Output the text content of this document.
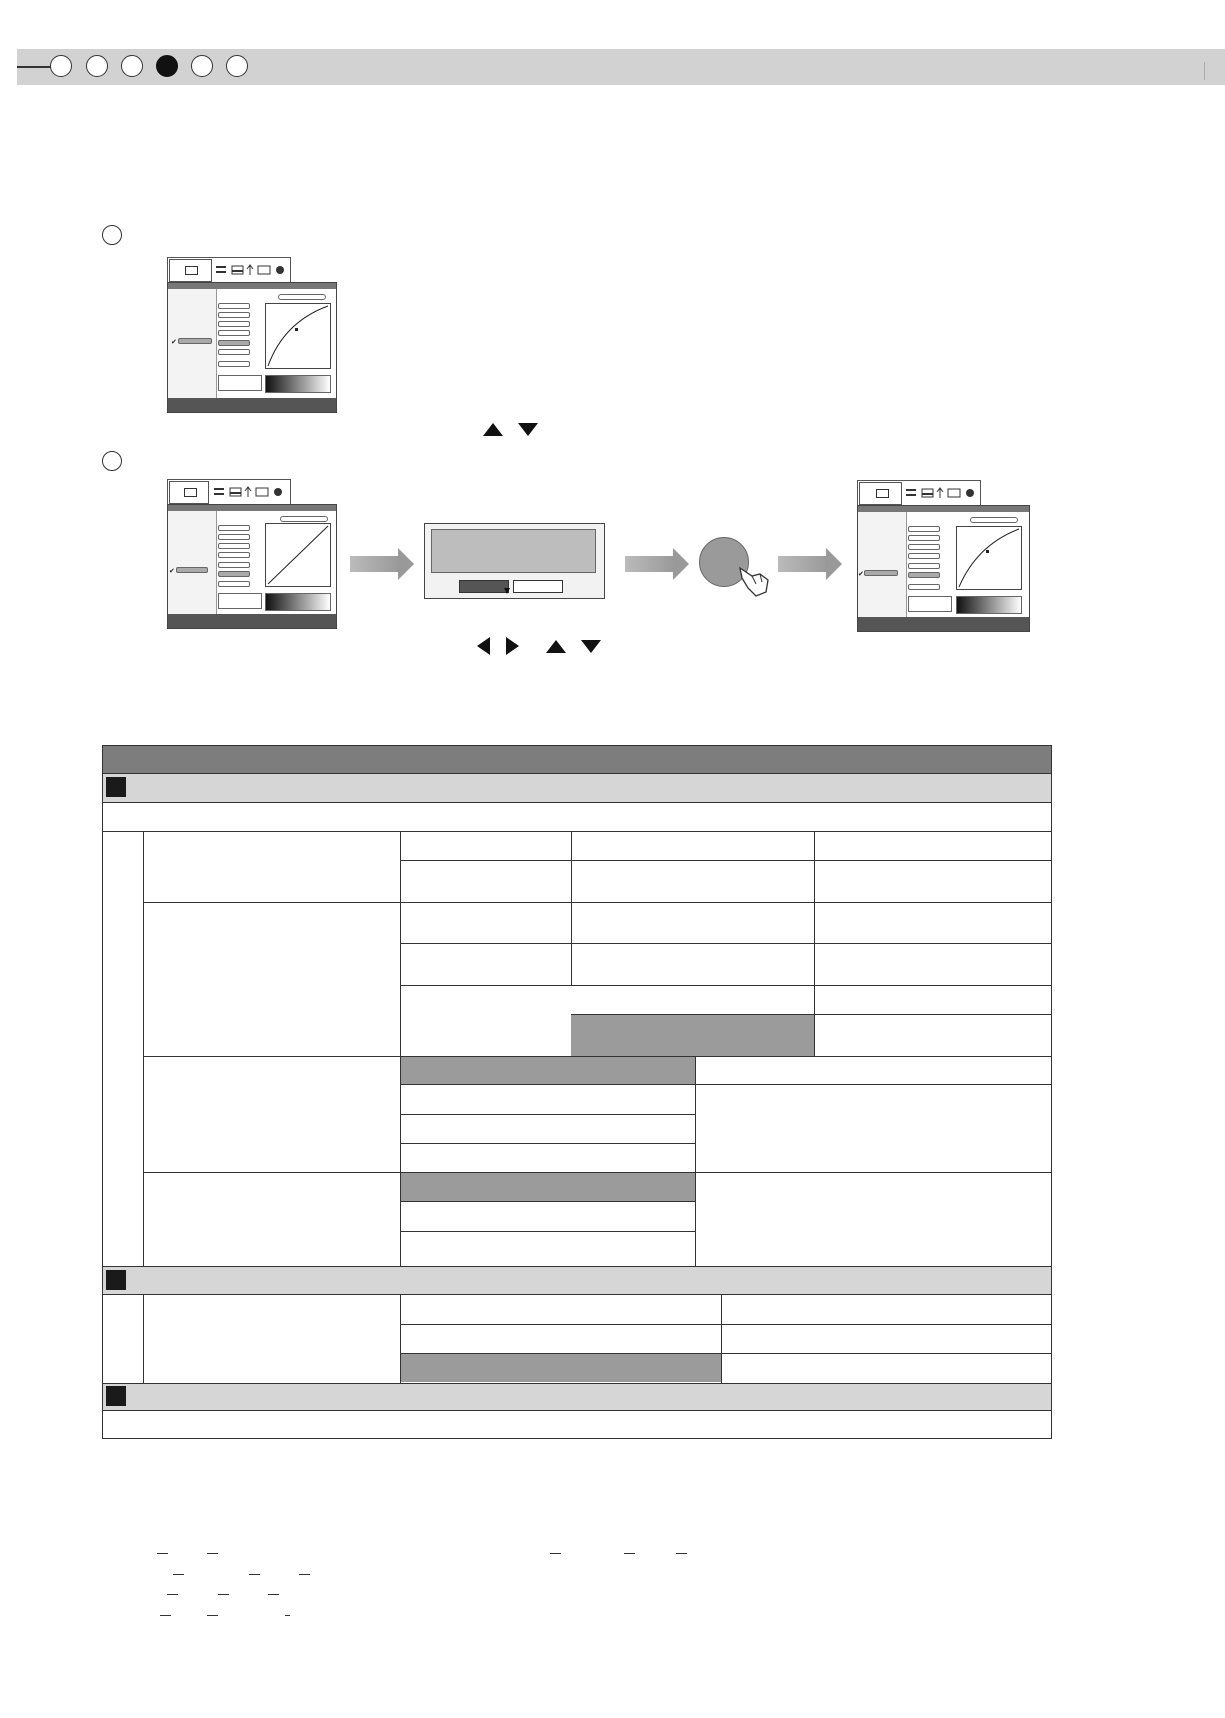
✔
✔	✔
